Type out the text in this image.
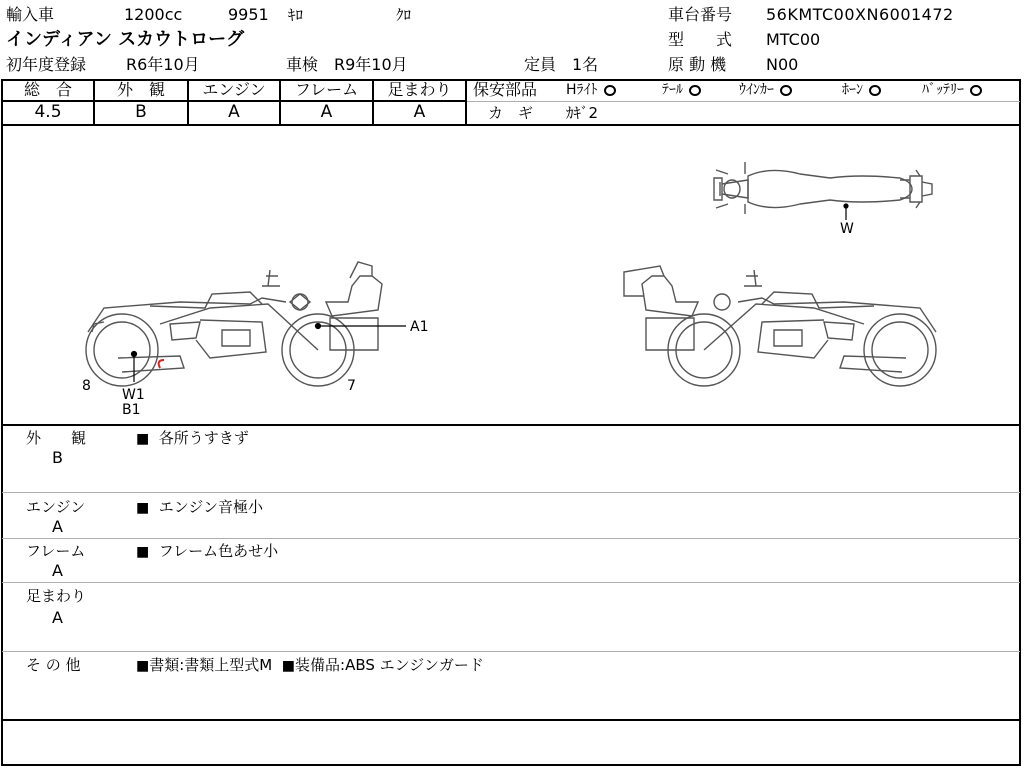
輸入車	1200cc	9951 ｷﾛ	ｸﾛ
インディアン スカウトローグ
初年度登録 R6年10月	車検 R9年10月	定員 1名
車台番号 56KMTC00XN6001472
型　　式 MTC00
原 動 機 N00
総　合	外　観	エンジン	フレーム	足まわり
4.5	B	A	A	A
保安部品 Hﾗｲﾄ	ﾃｰﾙ	ｳｲﾝｶｰ	ﾎｰﾝ	ﾊﾞｯﾃﾘｰ
カ　ギ ｶｷﾞ2
W
A1
8	7
W1
B1
外　　観
B
■ 各所うすきず
エンジン
A
■ エンジン音極小
フレーム
A
■ フレーム色あせ小
足まわり
A
そ の 他	■書類:書類上型式M ■装備品:ABS エンジンガード
